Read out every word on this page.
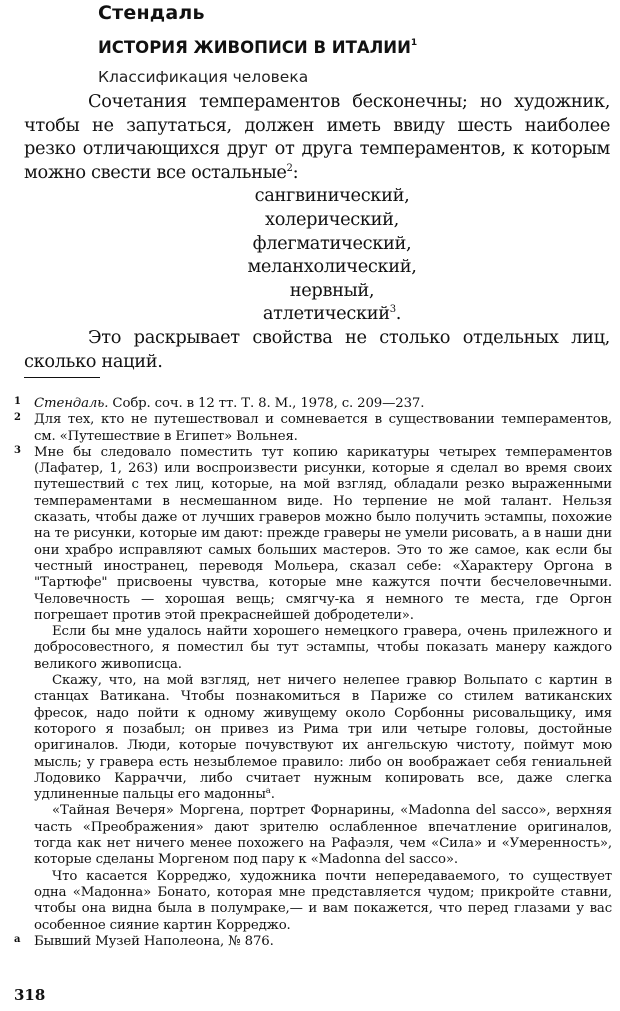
Стендаль
ИСТОРИЯ ЖИВОПИСИ В ИТАЛИИ$^1$
Классификация человека

Сочетания темпераментов бесконечны; но художник, чтобы не запутаться, должен иметь ввиду шесть наиболее резко отличающихся друг от друга темпераментов, к которым можно свести все остальные$^2$:

сангвинический,
холерический,
флегматический,
меланхолический,
нервный,
атлетический$^3$.

Это раскрывает свойства не столько отдельных лиц, сколько наций.

1 Стендаль. Собр. соч. в 12 тт. Т. 8. М., 1978, с. 209—237.

2 Для тех, кто не путешествовал и сомневается в существовании темпераментов, см. «Путешествие в Египет» Вольнея.

3 Мне бы следовало поместить тут копию карикатуры четырех темпераментов (Лафатер, 1, 263) или воспроизвести рисунки, которые я сделал во время своих путешествий с тех лиц, которые, на мой взгляд, обладали резко выраженными темпераментами в несмешанном виде. Но терпение не мой талант. Нельзя сказать, чтобы даже от лучших граверов можно было получить эстампы, похожие на те рисунки, которые им дают: прежде граверы не умели рисовать, а в наши дни они храбро исправляют самых больших мастеров. Это то же самое, как если бы честный иностранец, переводя Мольера, сказал себе: «Характеру Оргона в "Тартюфе" присвоены чувства, которые мне кажутся почти бесчеловечными. Человечность — хорошая вещь; смягчу-ка я немного те места, где Оргон погрешает против этой прекраснейшей добродетели».

Если бы мне удалось найти хорошего немецкого гравера, очень прилежного и добросовестного, я поместил бы тут эстампы, чтобы показать манеру каждого великого живописца.

Скажу, что, на мой взгляд, нет ничего нелепее гравюр Вольпато с картин в станцах Ватикана. Чтобы познакомиться в Париже со стилем ватиканских фресок, надо пойти к одному живущему около Сорбонны рисовальщику, имя которого я позабыл; он привез из Рима три или четыре головы, достойные оригиналов. Люди, которые почувствуют их ангельскую чистоту, поймут мою мысль; у гравера есть незыблемое правило: либо он воображает себя гениальней Лодовико Карраччи, либо считает нужным копировать все, даже слегка удлиненные пальцы его мадонны$^а$.

«Тайная Вечеря» Моргена, портрет Форнарины, «Madonna del sacco», верхняя часть «Преображения» дают зрителю ослабленное впечатление оригиналов, тогда как нет ничего менее похожего на Рафаэля, чем «Сила» и «Умеренность», которые сделаны Моргеном под пару к «Madonna del sacco».

Что касается Корреджо, художника почти непередаваемого, то существует одна «Мадонна» Бонато, которая мне представляется чудом; прикройте ставни, чтобы она видна была в полумраке,— и вам покажется, что перед глазами у вас особенное сияние картин Корреджо.

а Бывший Музей Наполеона, № 876.

318
